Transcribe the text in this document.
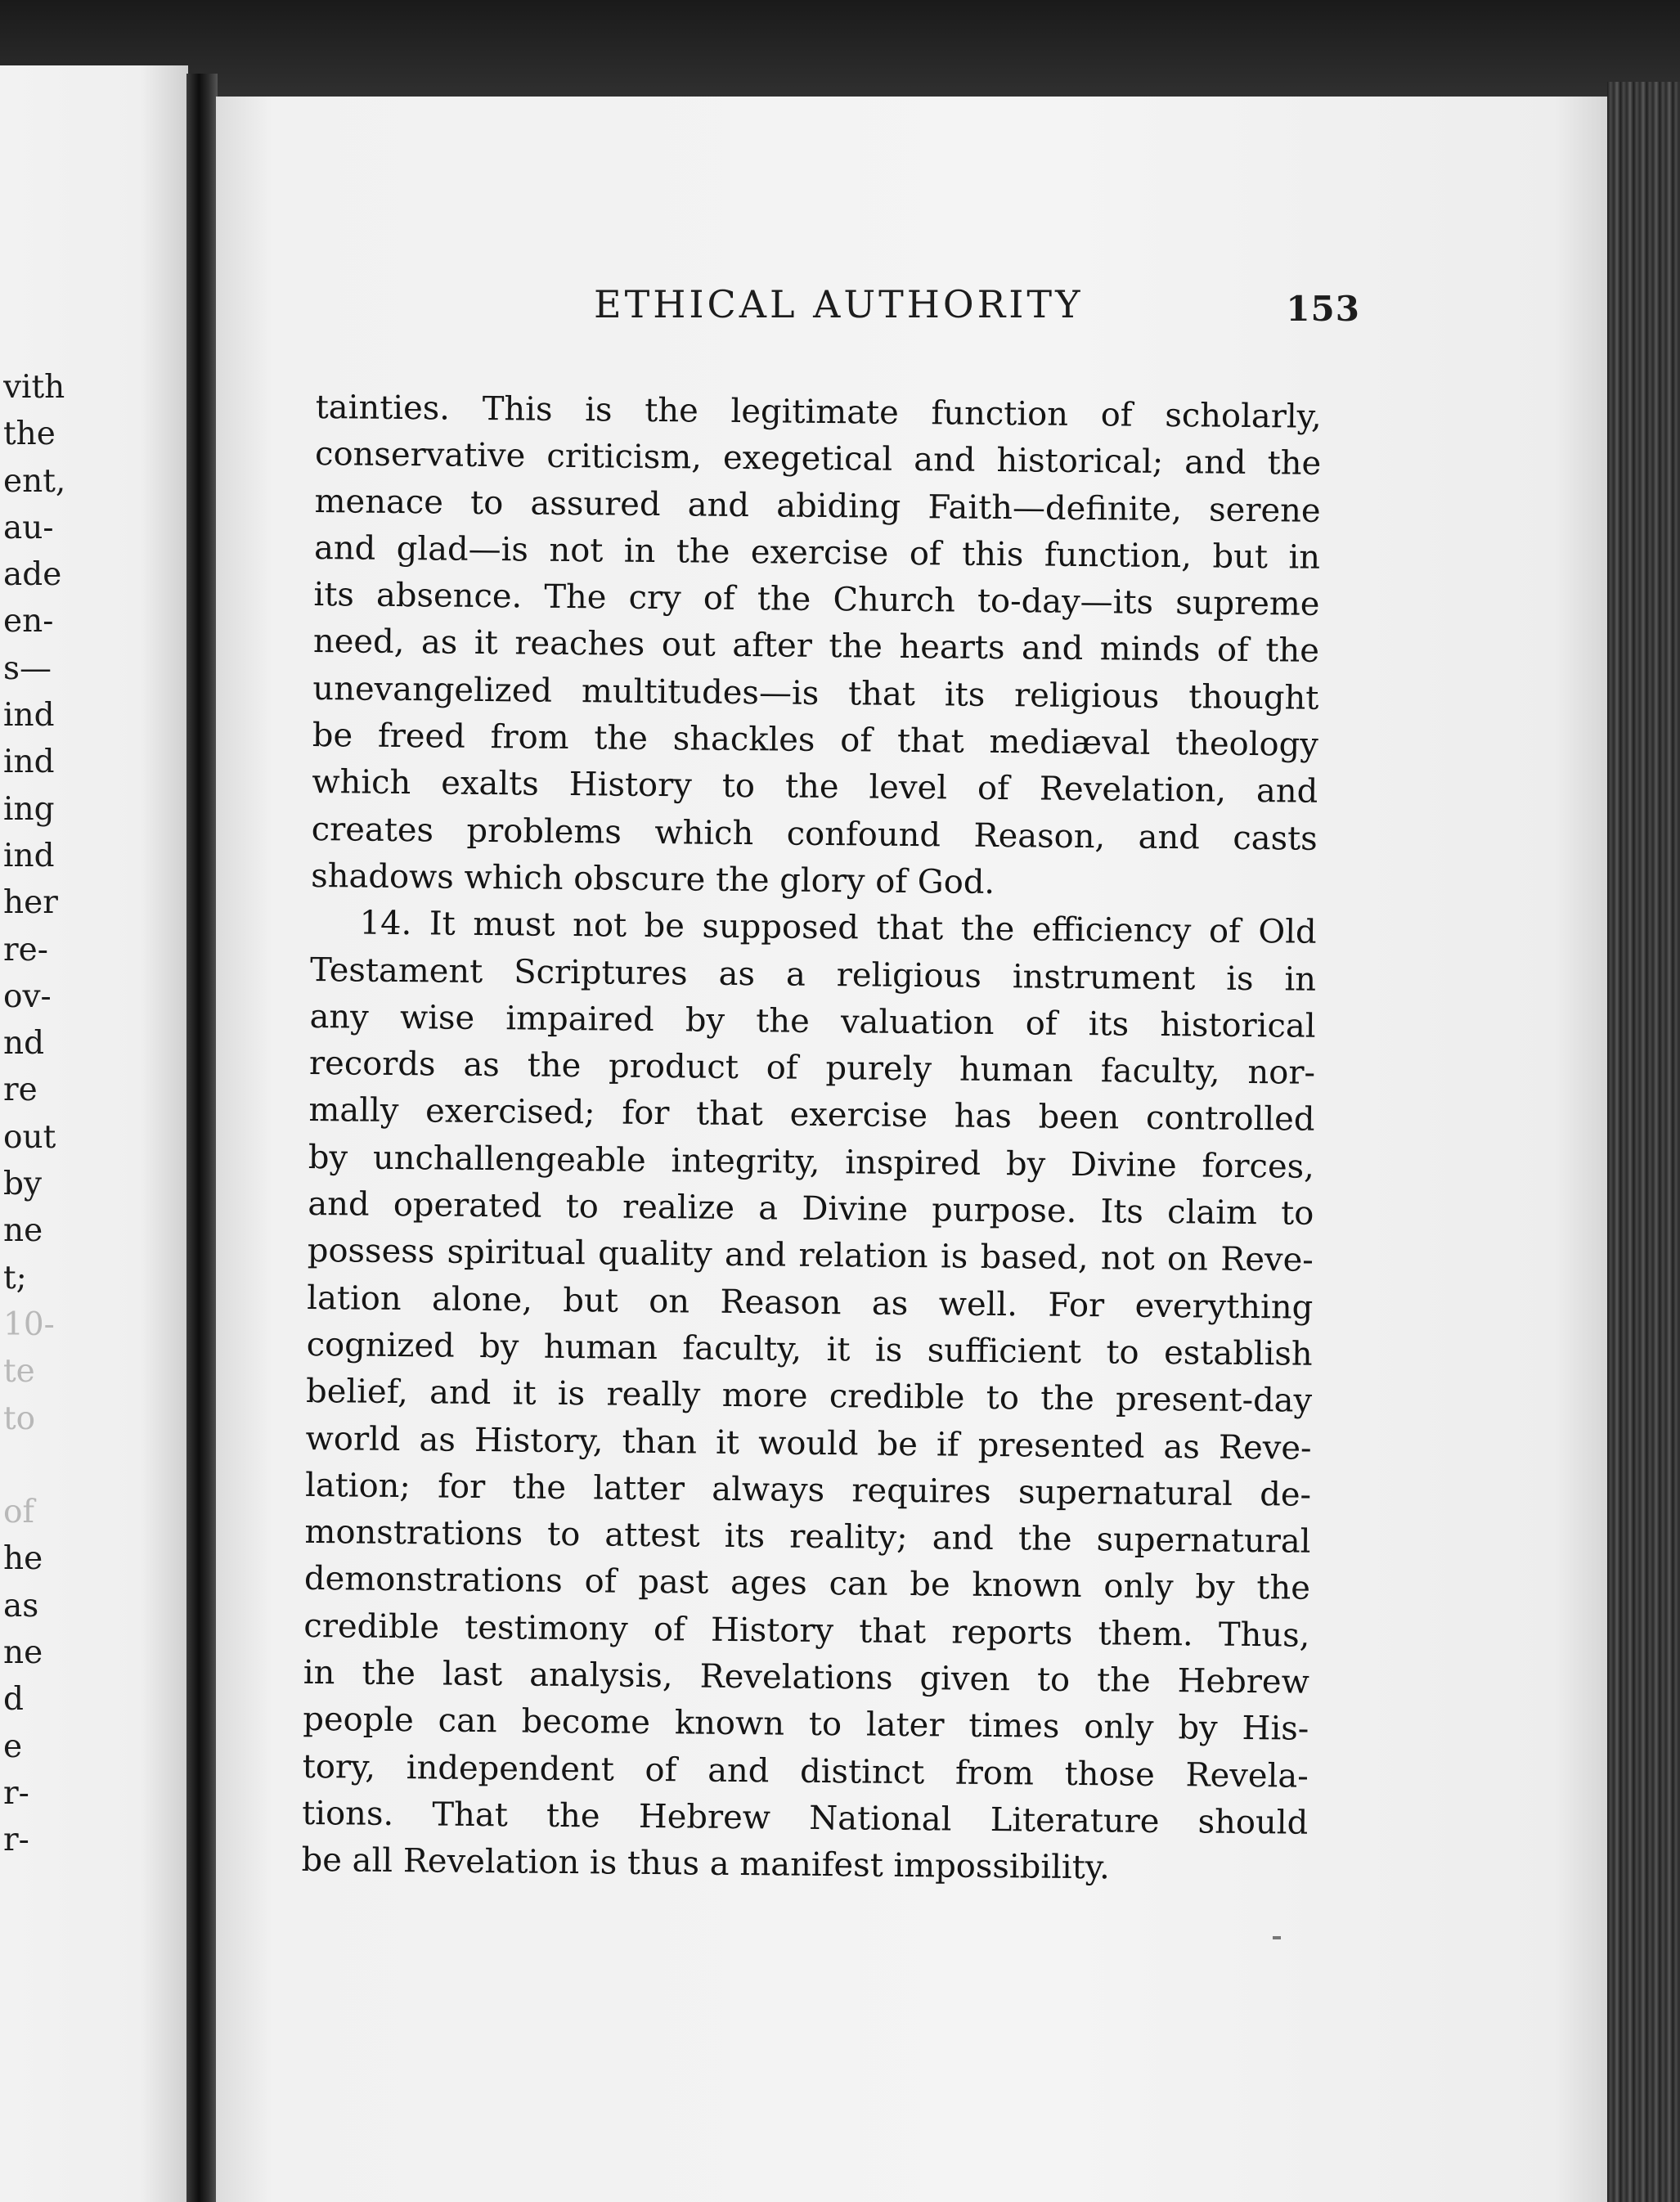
vith
the
ent,
au-
ade
en-
s—
ind
ind
ing
ind
her
re-
ov-
nd
re
out
by
ne
t;
10-
te
to
of
he
as
ne
d
e
r-
r-
ETHICAL AUTHORITY	153
tainties. This is the legitimate function of scholarly,
conservative criticism, exegetical and historical; and the
menace to assured and abiding Faith—definite, serene
and glad—is not in the exercise of this function, but in
its absence. The cry of the Church to-day—its supreme
need, as it reaches out after the hearts and minds of the
unevangelized multitudes—is that its religious thought
be freed from the shackles of that mediæval theology
which exalts History to the level of Revelation, and
creates problems which confound Reason, and casts
shadows which obscure the glory of God.
14. It must not be supposed that the efficiency of Old
Testament Scriptures as a religious instrument is in
any wise impaired by the valuation of its historical
records as the product of purely human faculty, nor-
mally exercised; for that exercise has been controlled
by unchallengeable integrity, inspired by Divine forces,
and operated to realize a Divine purpose. Its claim to
possess spiritual quality and relation is based, not on Reve-
lation alone, but on Reason as well. For everything
cognized by human faculty, it is sufficient to establish
belief, and it is really more credible to the present-day
world as History, than it would be if presented as Reve-
lation; for the latter always requires supernatural de-
monstrations to attest its reality; and the supernatural
demonstrations of past ages can be known only by the
credible testimony of History that reports them. Thus,
in the last analysis, Revelations given to the Hebrew
people can become known to later times only by His-
tory, independent of and distinct from those Revela-
tions. That the Hebrew National Literature should
be all Revelation is thus a manifest impossibility.
